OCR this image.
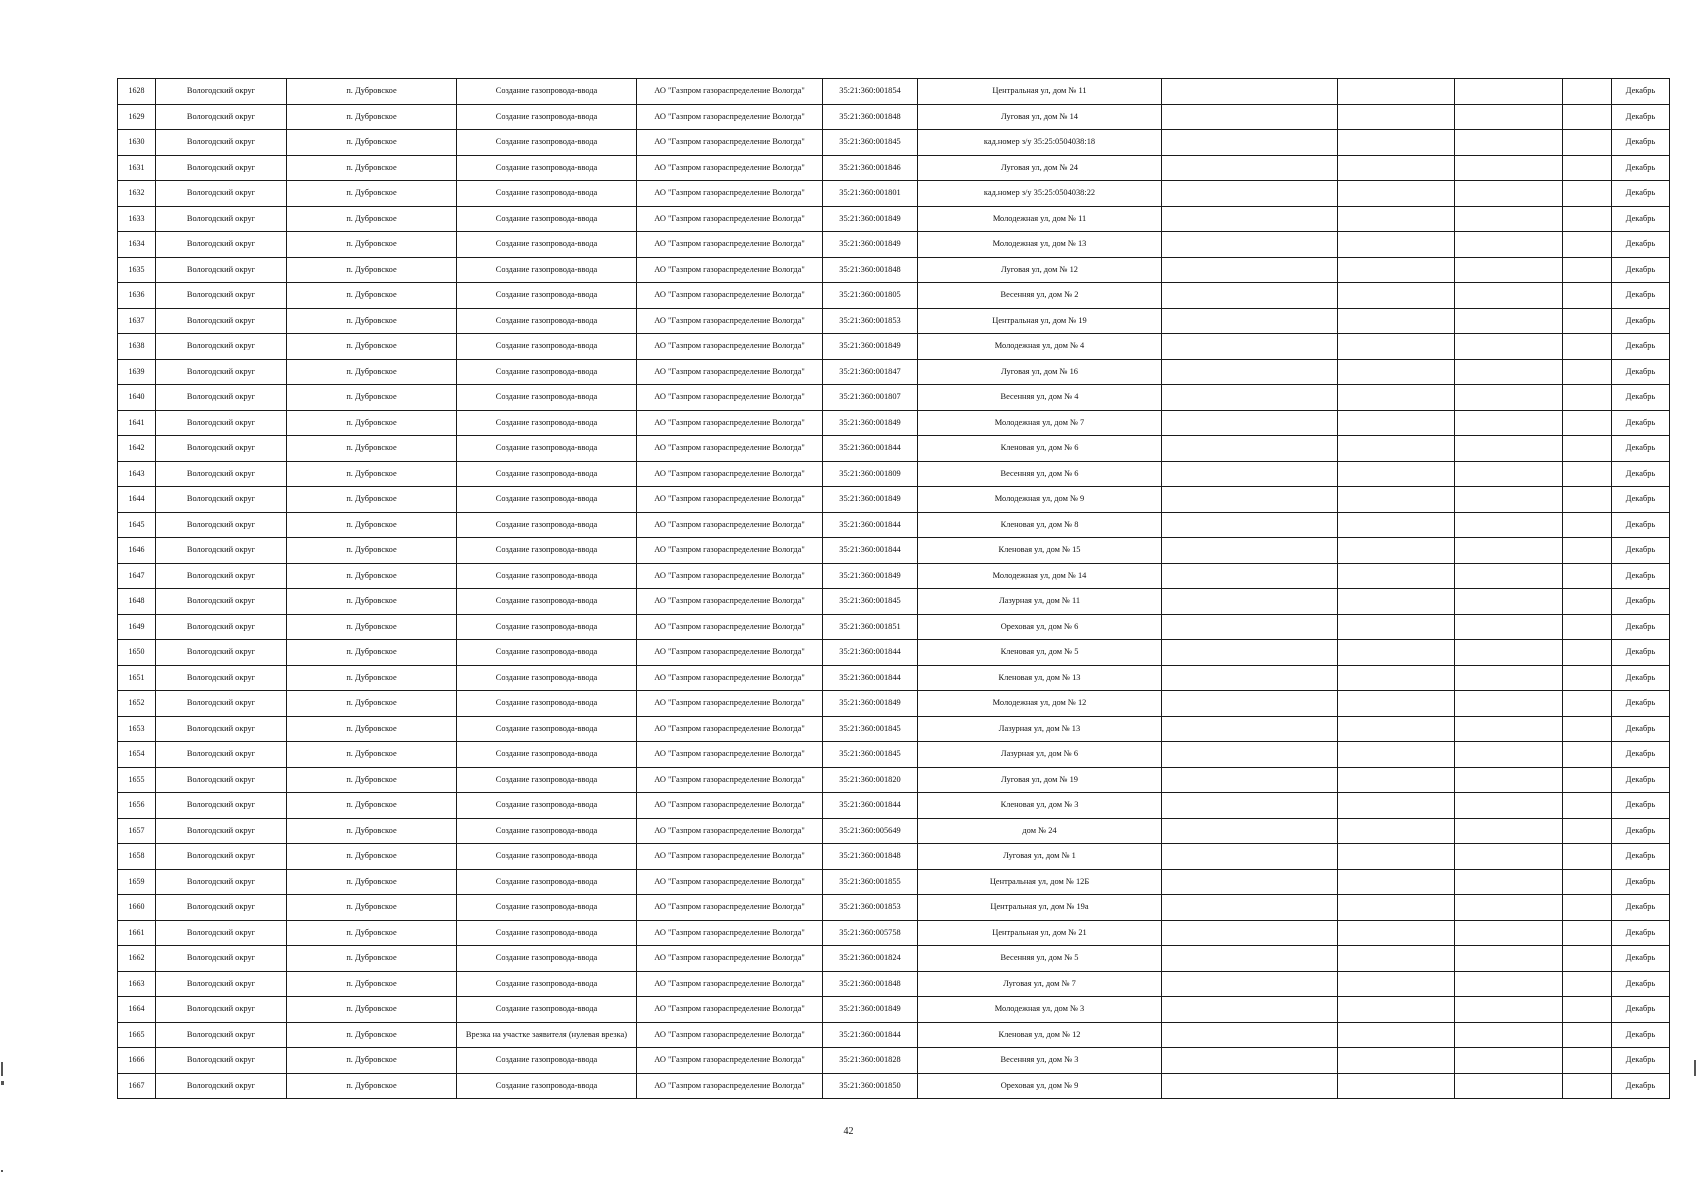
1628	Вологодский округ	п. Дубровское	Создание газопровода-ввода	АО "Газпром газораспределение Вологда"	35:21:360:001854	Центральная ул, дом № 11					Декабрь	
1629	Вологодский округ	п. Дубровское	Создание газопровода-ввода	АО "Газпром газораспределение Вологда"	35:21:360:001848	Луговая ул, дом № 14					Декабрь	
1630	Вологодский округ	п. Дубровское	Создание газопровода-ввода	АО "Газпром газораспределение Вологда"	35:21:360:001845	кад.номер з/у 35:25:0504038:18					Декабрь	
1631	Вологодский округ	п. Дубровское	Создание газопровода-ввода	АО "Газпром газораспределение Вологда"	35:21:360:001846	Луговая ул, дом № 24					Декабрь	
1632	Вологодский округ	п. Дубровское	Создание газопровода-ввода	АО "Газпром газораспределение Вологда"	35:21:360:001801	кад.номер з/у 35:25:0504038:22					Декабрь	
1633	Вологодский округ	п. Дубровское	Создание газопровода-ввода	АО "Газпром газораспределение Вологда"	35:21:360:001849	Молодежная ул, дом № 11					Декабрь	
1634	Вологодский округ	п. Дубровское	Создание газопровода-ввода	АО "Газпром газораспределение Вологда"	35:21:360:001849	Молодежная ул, дом № 13					Декабрь	
1635	Вологодский округ	п. Дубровское	Создание газопровода-ввода	АО "Газпром газораспределение Вологда"	35:21:360:001848	Луговая ул, дом № 12					Декабрь	
1636	Вологодский округ	п. Дубровское	Создание газопровода-ввода	АО "Газпром газораспределение Вологда"	35:21:360:001805	Весенняя ул, дом № 2					Декабрь	
1637	Вологодский округ	п. Дубровское	Создание газопровода-ввода	АО "Газпром газораспределение Вологда"	35:21:360:001853	Центральная ул, дом № 19					Декабрь	
1638	Вологодский округ	п. Дубровское	Создание газопровода-ввода	АО "Газпром газораспределение Вологда"	35:21:360:001849	Молодежная ул, дом № 4					Декабрь	
1639	Вологодский округ	п. Дубровское	Создание газопровода-ввода	АО "Газпром газораспределение Вологда"	35:21:360:001847	Луговая ул, дом № 16					Декабрь	
1640	Вологодский округ	п. Дубровское	Создание газопровода-ввода	АО "Газпром газораспределение Вологда"	35:21:360:001807	Весенняя ул, дом № 4					Декабрь	
1641	Вологодский округ	п. Дубровское	Создание газопровода-ввода	АО "Газпром газораспределение Вологда"	35:21:360:001849	Молодежная ул, дом № 7					Декабрь	
1642	Вологодский округ	п. Дубровское	Создание газопровода-ввода	АО "Газпром газораспределение Вологда"	35:21:360:001844	Кленовая ул, дом № 6					Декабрь	
1643	Вологодский округ	п. Дубровское	Создание газопровода-ввода	АО "Газпром газораспределение Вологда"	35:21:360:001809	Весенняя ул, дом № 6					Декабрь	
1644	Вологодский округ	п. Дубровское	Создание газопровода-ввода	АО "Газпром газораспределение Вологда"	35:21:360:001849	Молодежная ул, дом № 9					Декабрь	
1645	Вологодский округ	п. Дубровское	Создание газопровода-ввода	АО "Газпром газораспределение Вологда"	35:21:360:001844	Кленовая ул, дом № 8					Декабрь	
1646	Вологодский округ	п. Дубровское	Создание газопровода-ввода	АО "Газпром газораспределение Вологда"	35:21:360:001844	Кленовая ул, дом № 15					Декабрь	
1647	Вологодский округ	п. Дубровское	Создание газопровода-ввода	АО "Газпром газораспределение Вологда"	35:21:360:001849	Молодежная ул, дом № 14					Декабрь	
1648	Вологодский округ	п. Дубровское	Создание газопровода-ввода	АО "Газпром газораспределение Вологда"	35:21:360:001845	Лазурная ул, дом № 11					Декабрь	
1649	Вологодский округ	п. Дубровское	Создание газопровода-ввода	АО "Газпром газораспределение Вологда"	35:21:360:001851	Ореховая ул, дом № 6					Декабрь	
1650	Вологодский округ	п. Дубровское	Создание газопровода-ввода	АО "Газпром газораспределение Вологда"	35:21:360:001844	Кленовая ул, дом № 5					Декабрь	
1651	Вологодский округ	п. Дубровское	Создание газопровода-ввода	АО "Газпром газораспределение Вологда"	35:21:360:001844	Кленовая ул, дом № 13					Декабрь	
1652	Вологодский округ	п. Дубровское	Создание газопровода-ввода	АО "Газпром газораспределение Вологда"	35:21:360:001849	Молодежная ул, дом № 12					Декабрь	
1653	Вологодский округ	п. Дубровское	Создание газопровода-ввода	АО "Газпром газораспределение Вологда"	35:21:360:001845	Лазурная ул, дом № 13					Декабрь	
1654	Вологодский округ	п. Дубровское	Создание газопровода-ввода	АО "Газпром газораспределение Вологда"	35:21:360:001845	Лазурная ул, дом № 6					Декабрь	
1655	Вологодский округ	п. Дубровское	Создание газопровода-ввода	АО "Газпром газораспределение Вологда"	35:21:360:001820	Луговая ул, дом № 19					Декабрь	
1656	Вологодский округ	п. Дубровское	Создание газопровода-ввода	АО "Газпром газораспределение Вологда"	35:21:360:001844	Кленовая ул, дом № 3					Декабрь	
1657	Вологодский округ	п. Дубровское	Создание газопровода-ввода	АО "Газпром газораспределение Вологда"	35:21:360:005649	дом № 24					Декабрь	
1658	Вологодский округ	п. Дубровское	Создание газопровода-ввода	АО "Газпром газораспределение Вологда"	35:21:360:001848	Луговая ул, дом № 1					Декабрь	
1659	Вологодский округ	п. Дубровское	Создание газопровода-ввода	АО "Газпром газораспределение Вологда"	35:21:360:001855	Центральная ул, дом № 12Б					Декабрь	
1660	Вологодский округ	п. Дубровское	Создание газопровода-ввода	АО "Газпром газораспределение Вологда"	35:21:360:001853	Центральная ул, дом № 19а					Декабрь	
1661	Вологодский округ	п. Дубровское	Создание газопровода-ввода	АО "Газпром газораспределение Вологда"	35:21:360:005758	Центральная ул, дом № 21					Декабрь	
1662	Вологодский округ	п. Дубровское	Создание газопровода-ввода	АО "Газпром газораспределение Вологда"	35:21:360:001824	Весенняя ул, дом № 5					Декабрь	
1663	Вологодский округ	п. Дубровское	Создание газопровода-ввода	АО "Газпром газораспределение Вологда"	35:21:360:001848	Луговая ул, дом № 7					Декабрь	
1664	Вологодский округ	п. Дубровское	Создание газопровода-ввода	АО "Газпром газораспределение Вологда"	35:21:360:001849	Молодежная ул, дом № 3					Декабрь	
1665	Вологодский округ	п. Дубровское	Врезка на участке заявителя (нулевая врезка)	АО "Газпром газораспределение Вологда"	35:21:360:001844	Кленовая ул, дом № 12					Декабрь	
1666	Вологодский округ	п. Дубровское	Создание газопровода-ввода	АО "Газпром газораспределение Вологда"	35:21:360:001828	Весенняя ул, дом № 3					Декабрь	
1667	Вологодский округ	п. Дубровское	Создание газопровода-ввода	АО "Газпром газораспределение Вологда"	35:21:360:001850	Ореховая ул, дом № 9					Декабрь	
42
